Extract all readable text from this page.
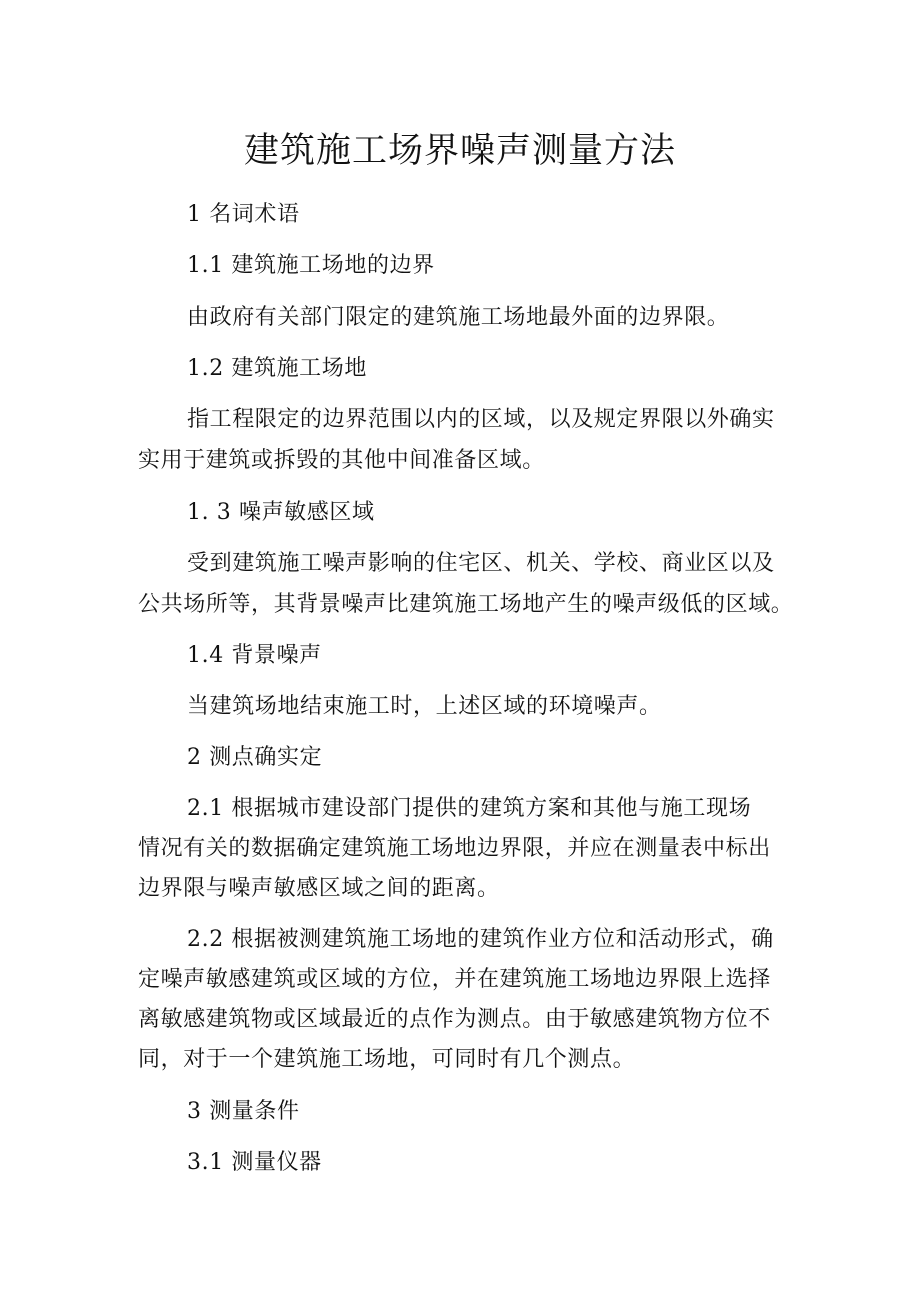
建筑施工场界噪声测量方法
1 名词术语
1.1 建筑施工场地的边界
由政府有关部门限定的建筑施工场地最外面的边界限。
1.2 建筑施工场地
指工程限定的边界范围以内的区域，以及规定界限以外确实
实用于建筑或拆毁的其他中间准备区域。
1. 3 噪声敏感区域
受到建筑施工噪声影响的住宅区、机关、学校、商业区以及
公共场所等，其背景噪声比建筑施工场地产生的噪声级低的区域。
1.4 背景噪声
当建筑场地结束施工时，上述区域的环境噪声。
2 测点确实定
2.1 根据城市建设部门提供的建筑方案和其他与施工现场
情况有关的数据确定建筑施工场地边界限，并应在测量表中标出
边界限与噪声敏感区域之间的距离。
2.2 根据被测建筑施工场地的建筑作业方位和活动形式，确
定噪声敏感建筑或区域的方位，并在建筑施工场地边界限上选择
离敏感建筑物或区域最近的点作为测点。由于敏感建筑物方位不
同，对于一个建筑施工场地，可同时有几个测点。
3 测量条件
3.1 测量仪器
